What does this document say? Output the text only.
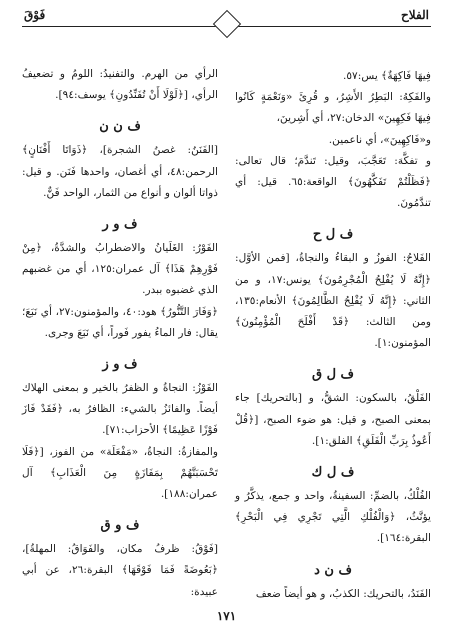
الفلاح
فَوْقَ
فِيهَا فَاكِهَةٌ﴾ يس:٥٧.
والفَكِهُ: البَطِرُ الأَشِرُ، و قُرِئَ «وَنَعْمَةٍ كَانُوا فِيهَا فَكِهِينَ» الدخان:٢٧، أي أَشِرينَ،
و«فَاكِهِينَ»، أي ناعمين.
و تفكَّهَ: تَعَجَّبَ، وقيل: تَندَّمَ؛ قال تعالى: ﴿فَظَلْتُمْ تَفَكَّهُونَ﴾ الواقعة:٦٥. قيل: أي تندَّمُونَ.
ف ل ح
الفَلاحُ: الفوزُ و البقاءُ والنجاةُ، [فمن الأوَّل: ﴿إِنَّهُ لَا يُفْلِحُ الْمُجْرِمُونَ﴾ يونس:١٧، و من الثاني: ﴿إِنَّهُ لَا يُفْلِحُ الظَّالِمُونَ﴾ الأنعام:١٣٥، ومن الثالث: ﴿قَدْ أَفْلَحَ الْمُؤْمِنُونَ﴾ المؤمنون:١].
ف ل ق
الفَلْقُ، بالسكون: الشقُّ، و [بالتحريك] جاء بمعنى الصبح، و قيل: هو ضوء الصبح، [﴿قُلْ أَعُوذُ بِرَبِّ الْفَلَقِ﴾ الفلق:١].
ف ل ك
الفُلْكُ، بالضمِّ: السفينةُ، واحد و جمع، يذكَّرُ و يؤنَّثُ، ﴿وَالْفُلْكِ الَّتِي تَجْرِي فِي الْبَحْرِ﴾ البقرة:١٦٤].
ف ن د
الفَنَدُ، بالتحريك: الكذبُ، و هو أيضاً ضعف
الرأي من الهرم. والتفنيدُ: اللومُ و تضعيفُ الرأي، [﴿لَوْلَا أَنْ تُفَنِّدُونِ﴾ يوسف:٩٤].
ف ن ن
[الفَنَنُ: غصنُ الشجرة]، ﴿ذَوَاتَا أَفْنَانٍ﴾ الرحمن:٤٨، أي أغصان، واحدها فَنَن. و قيل: ذواتا ألوان و أنواع من الثمار، الواحد فَنٌّ.
ف و ر
الفَوْرُ: الغَلَيانُ والاضطرابُ والشدَّةُ، ﴿مِنْ فَوْرِهِمْ هَذَا﴾ آل عمران:١٢٥، أي من غضبهم الذي غضبوه ببدر.
﴿وَفَارَ التَّنُّورُ﴾ هود:٤٠، والمؤمنون:٢٧، أي نَبَعَ؛ يقال: فار الماءُ يفور فَوراً، أي نَبَعَ وجرى.
ف و ز
الفَوْزُ: النجاةُ و الظفرُ بالخير و بمعنى الهلاك أيضاً. والفائزُ بالشيء: الظافرُ به، ﴿فَقَدْ فَازَ فَوْزًا عَظِيمًا﴾ الأحزاب:٧١].
والمفازةُ: النجاةُ، «مَفْعَلَة» من الفوز، [﴿فَلَا تَحْسَبَنَّهُمْ بِمَفَازَةٍ مِنَ الْعَذَابِ﴾ آل عمران:١٨٨].
ف و ق
[فَوْقُ: ظرفُ مكان، والفَوَاقُ: المهلةُ]، ﴿بَعُوضَةً فَمَا فَوْقَهَا﴾ البقرة:٢٦، عن أبي عبيدة:
١٧١
